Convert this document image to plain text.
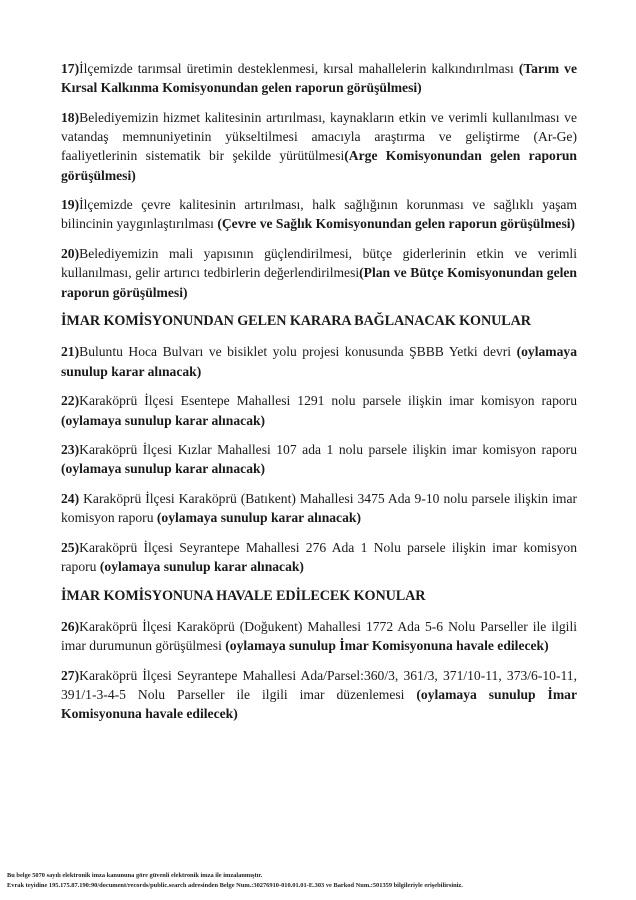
17)İlçemizde tarımsal üretimin desteklenmesi, kırsal mahallelerin kalkındırılması (Tarım ve Kırsal Kalkınma Komisyonundan gelen raporun görüşülmesi)

18)Belediyemizin hizmet kalitesinin artırılması, kaynakların etkin ve verimli kullanılması ve vatandaş memnuniyetinin yükseltilmesi amacıyla araştırma ve geliştirme (Ar-Ge) faaliyetlerinin sistematik bir şekilde yürütülmesi(Arge Komisyonundan gelen raporun görüşülmesi)

19)İlçemizde çevre kalitesinin artırılması, halk sağlığının korunması ve sağlıklı yaşam bilincinin yaygınlaştırılması (Çevre ve Sağlık Komisyonundan gelen raporun görüşülmesi)

20)Belediyemizin mali yapısının güçlendirilmesi, bütçe giderlerinin etkin ve verimli kullanılması, gelir artırıcı tedbirlerin değerlendirilmesi(Plan ve Bütçe Komisyonundan gelen raporun görüşülmesi)

İMAR KOMİSYONUNDAN GELEN KARARA BAĞLANACAK KONULAR

21)Buluntu Hoca Bulvarı ve bisiklet yolu projesi konusunda ŞBBB Yetki devri (oylamaya sunulup karar alınacak)

22)Karaköprü İlçesi Esentepe Mahallesi 1291 nolu parsele ilişkin imar komisyon raporu (oylamaya sunulup karar alınacak)

23)Karaköprü İlçesi Kızlar Mahallesi 107 ada 1 nolu parsele ilişkin imar komisyon raporu (oylamaya sunulup karar alınacak)

24) Karaköprü İlçesi Karaköprü (Batıkent) Mahallesi 3475 Ada 9-10 nolu parsele ilişkin imar komisyon raporu (oylamaya sunulup karar alınacak)

25)Karaköprü İlçesi Seyrantepe Mahallesi 276 Ada 1 Nolu parsele ilişkin imar komisyon raporu (oylamaya sunulup karar alınacak)

İMAR KOMİSYONUNA HAVALE EDİLECEK KONULAR

26)Karaköprü İlçesi Karaköprü (Doğukent) Mahallesi 1772 Ada 5-6 Nolu Parseller ile ilgili imar durumunun görüşülmesi (oylamaya sunulup İmar Komisyonuna havale edilecek)

27)Karaköprü İlçesi Seyrantepe Mahallesi Ada/Parsel:360/3, 361/3, 371/10-11, 373/6-10-11, 391/1-3-4-5 Nolu Parseller ile ilgili imar düzenlemesi (oylamaya sunulup İmar Komisyonuna havale edilecek)

Bu belge 5070 sayılı elektronik imza kanununa göre güvenli elektronik imza ile imzalanmıştır.
Evrak teyidine 195.175.87.190:90/document/records/public.search adresinden Belge Num.:30276910-010.01.01-E.303 ve Barkod Num.:501359 bilgileriyle erişebilirsiniz.
